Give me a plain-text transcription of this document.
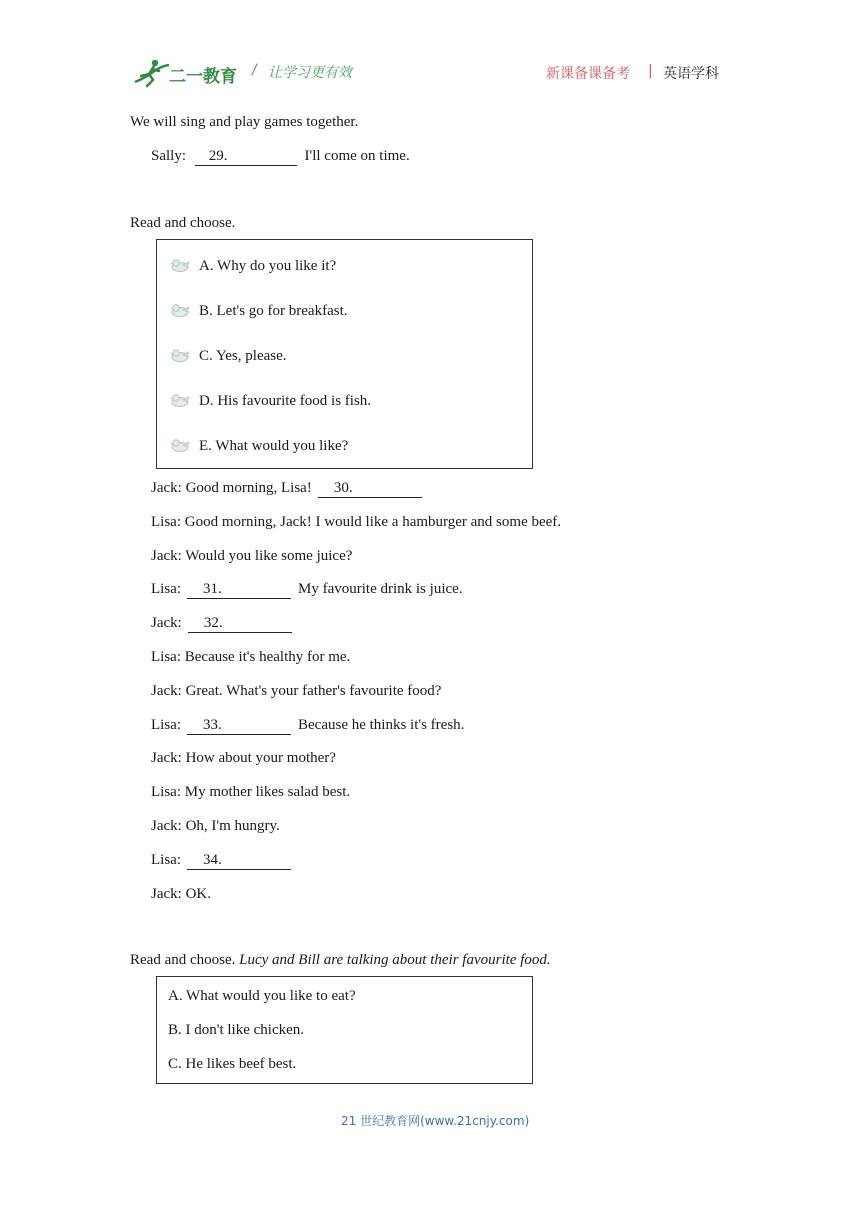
二一教育 / 让学习更有效	新课备课备考 | 英语学科
We will sing and play games together.
Sally: 29.	I'll come on time.
Read and choose.
A. Why do you like it?
B. Let's go for breakfast.
C. Yes, please.
D. His favourite food is fish.
E. What would you like?
Jack: Good morning, Lisa! 30.
Lisa: Good morning, Jack! I would like a hamburger and some beef.
Jack: Would you like some juice?
Lisa: 31.	My favourite drink is juice.
Jack: 32.
Lisa: Because it's healthy for me.
Jack: Great. What's your father's favourite food?
Lisa: 33.	Because he thinks it's fresh.
Jack: How about your mother?
Lisa: My mother likes salad best.
Jack: Oh, I'm hungry.
Lisa: 34.
Jack: OK.
Read and choose. Lucy and Bill are talking about their favourite food.
A. What would you like to eat?
B. I don't like chicken.
C. He likes beef best.
21 世纪教育网(www.21cnjy.com)
